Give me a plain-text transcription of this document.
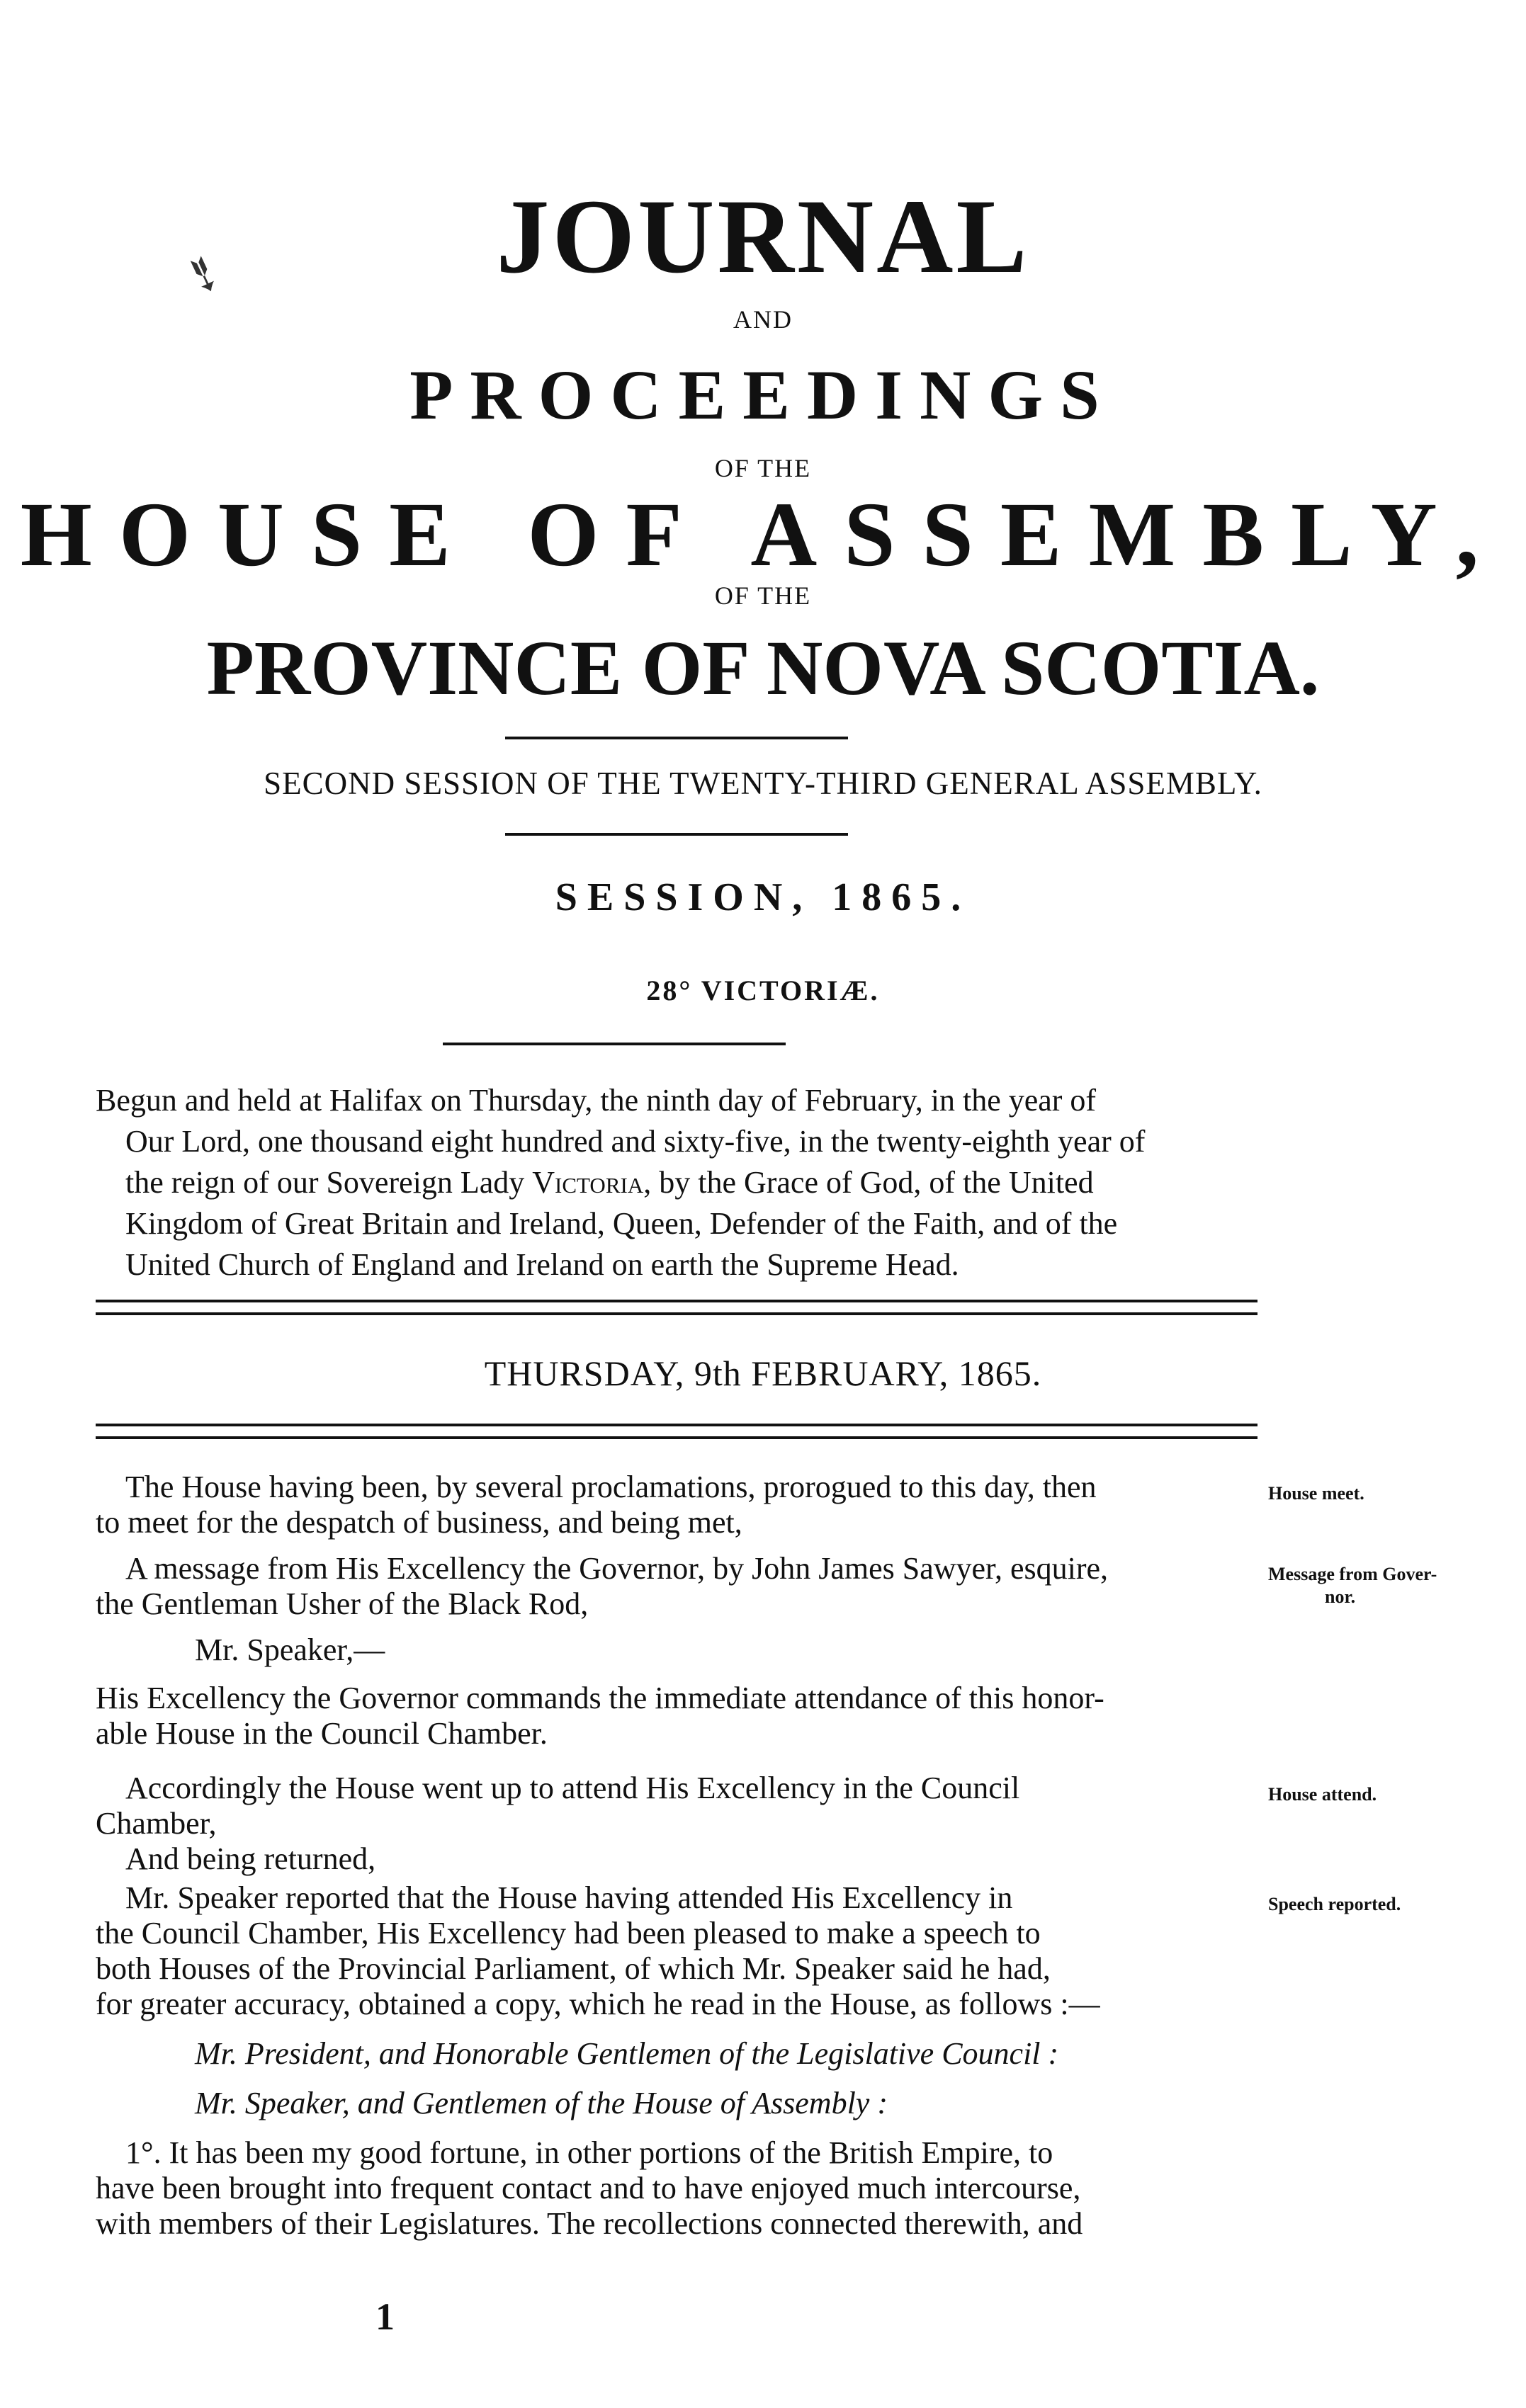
➴	JOURNAL
AND
PROCEEDINGS
OF THE
HOUSE OF ASSEMBLY,
OF THE
PROVINCE OF NOVA SCOTIA.
SECOND SESSION OF THE TWENTY-THIRD GENERAL ASSEMBLY.
SESSION, 1865.
28° VICTORIÆ.
Begun and held at Halifax on Thursday, the ninth day of February, in the year of
Our Lord, one thousand eight hundred and sixty-five, in the twenty-eighth year of
the reign of our Sovereign Lady Victoria, by the Grace of God, of the United
Kingdom of Great Britain and Ireland, Queen, Defender of the Faith, and of the
United Church of England and Ireland on earth the Supreme Head.
THURSDAY, 9th FEBRUARY, 1865.
The House having been, by several proclamations, prorogued to this day, then
to meet for the despatch of business, and being met,
A message from His Excellency the Governor, by John James Sawyer, esquire,
the Gentleman Usher of the Black Rod,
Mr. Speaker,—
His Excellency the Governor commands the immediate attendance of this honor-
able House in the Council Chamber.
Accordingly the House went up to attend His Excellency in the Council
Chamber,
And being returned,
Mr. Speaker reported that the House having attended His Excellency in
the Council Chamber, His Excellency had been pleased to make a speech to
both Houses of the Provincial Parliament, of which Mr. Speaker said he had,
for greater accuracy, obtained a copy, which he read in the House, as follows :—
Mr. President, and Honorable Gentlemen of the Legislative Council :
Mr. Speaker, and Gentlemen of the House of Assembly :
1°. It has been my good fortune, in other portions of the British Empire, to
have been brought into frequent contact and to have enjoyed much intercourse,
with members of their Legislatures. The recollections connected therewith, and
House meet.
Message from Gover-
nor.
House attend.
Speech reported.
1
